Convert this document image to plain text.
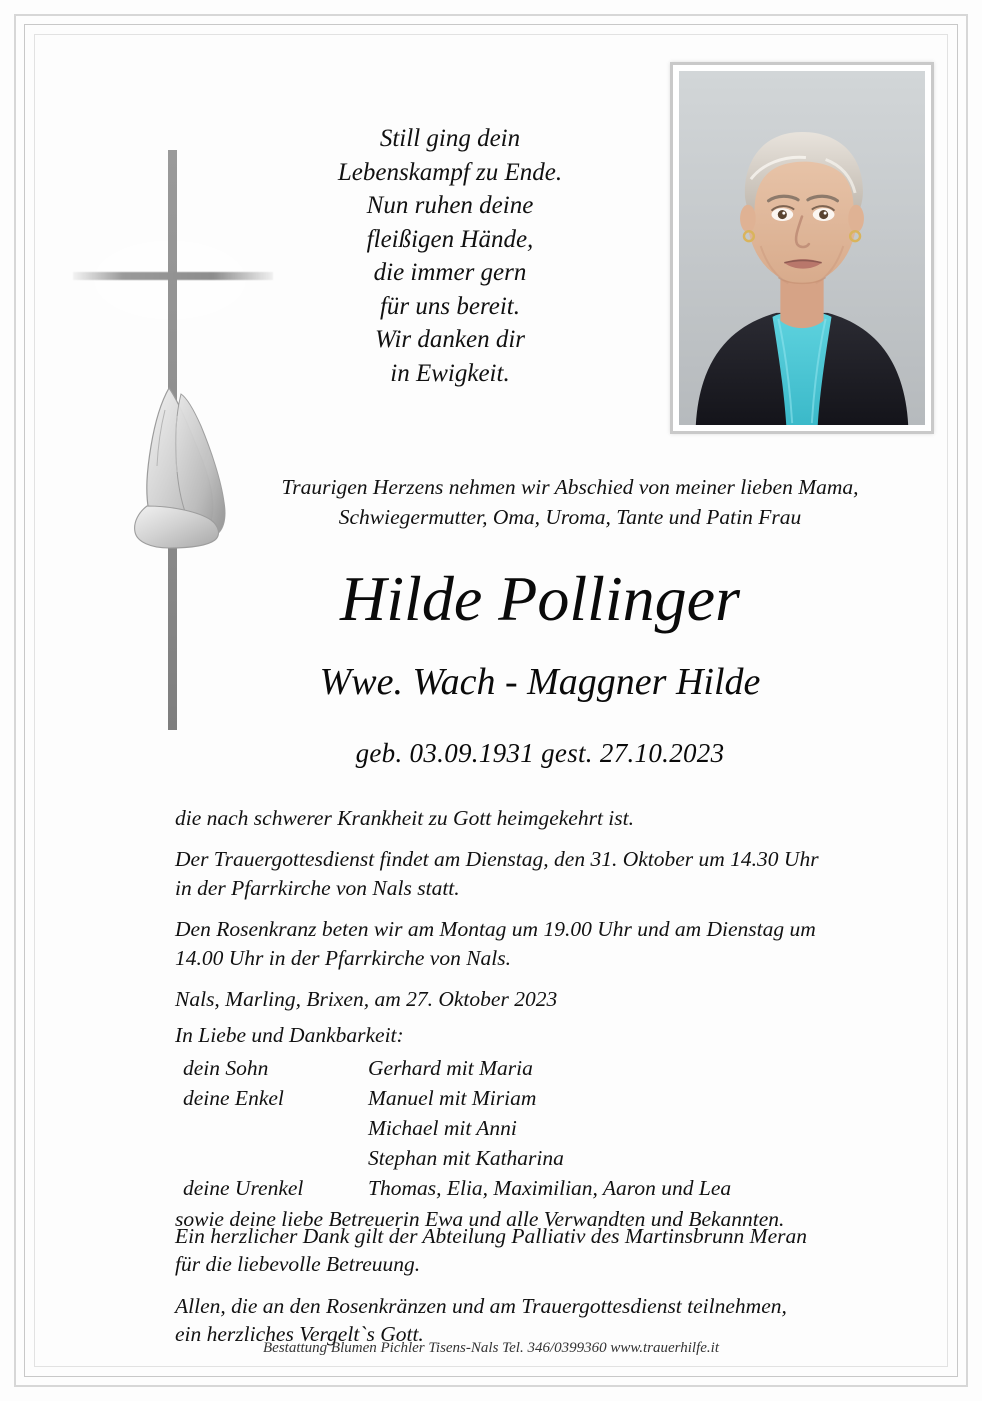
Still ging dein
Lebenskampf zu Ende.
Nun ruhen deine
fleißigen Hände,
die immer gern
für uns bereit.
Wir danken dir
in Ewigkeit.
Traurigen Herzens nehmen wir Abschied von meiner lieben Mama,
Schwiegermutter, Oma, Uroma, Tante und Patin Frau
Hilde Pollinger
Wwe. Wach - Maggner Hilde
geb. 03.09.1931 gest. 27.10.2023

die nach schwerer Krankheit zu Gott heimgekehrt ist.

Der Trauergottesdienst findet am Dienstag, den 31. Oktober um 14.30 Uhr
in der Pfarrkirche von Nals statt.

Den Rosenkranz beten wir am Montag um 19.00 Uhr und am Dienstag um
14.00 Uhr in der Pfarrkirche von Nals.

Nals, Marling, Brixen, am 27. Oktober 2023

In Liebe und Dankbarkeit:

dein Sohn	Gerhard mit Maria
deine Enkel	Manuel mit Miriam
	Michael mit Anni
	Stephan mit Katharina
deine Urenkel	Thomas, Elia, Maximilian, Aaron und Lea

sowie deine liebe Betreuerin Ewa und alle Verwandten und Bekannten.

Ein herzlicher Dank gilt der Abteilung Palliativ des Martinsbrunn Meran
für die liebevolle Betreuung.

Allen, die an den Rosenkränzen und am Trauergottesdienst teilnehmen,
ein herzliches Vergelt`s Gott.

Bestattung Blumen Pichler Tisens-Nals Tel. 346/0399360 www.trauerhilfe.it
